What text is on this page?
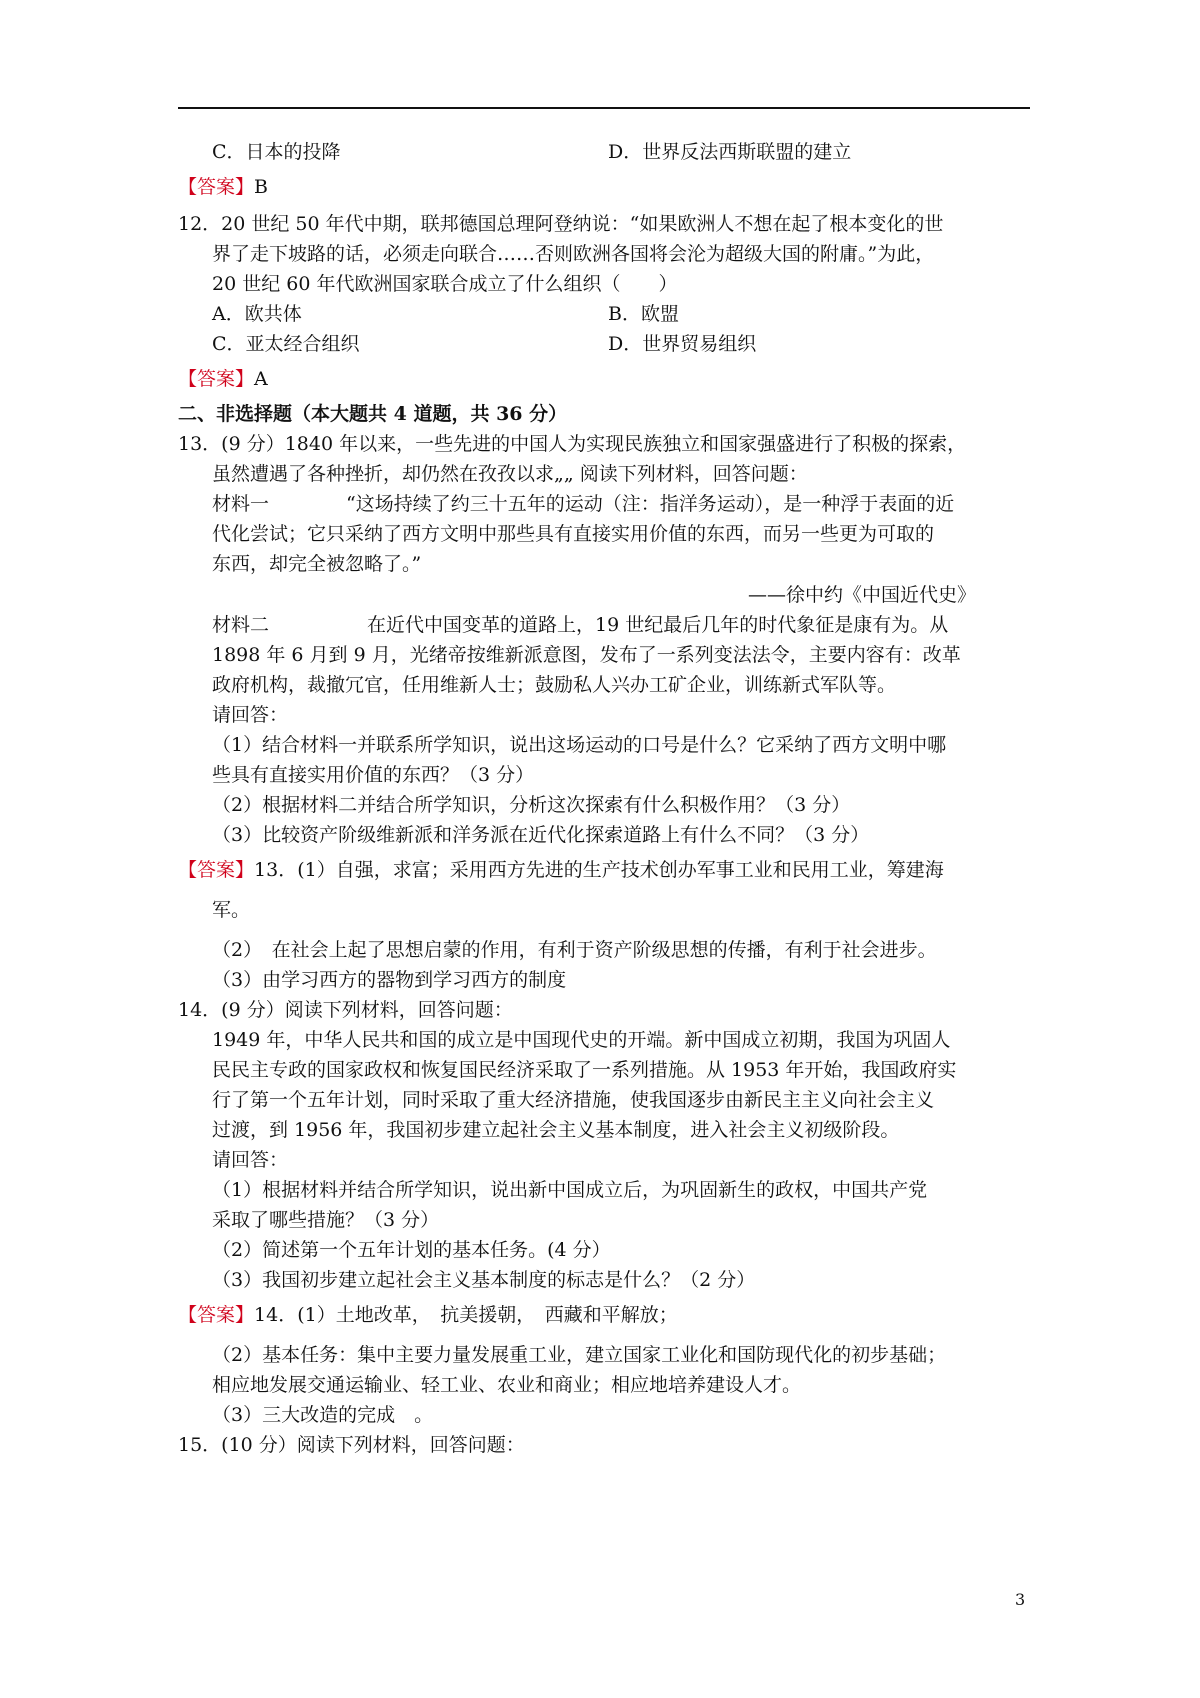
C．日本的投降	D．世界反法西斯联盟的建立
【答案】B
12．20 世纪 50 年代中期，联邦德国总理阿登纳说：“如果欧洲人不想在起了根本变化的世
界了走下坡路的话，必须走向联合……否则欧洲各国将会沦为超级大国的附庸。”为此，
20 世纪 60 年代欧洲国家联合成立了什么组织（　　）
A．欧共体	B．欧盟
C．亚太经合组织	D．世界贸易组织
【答案】A
二、非选择题（本大题共 4 道题，共 36 分）
13．(9 分）1840 年以来，一些先进的中国人为实现民族独立和国家强盛进行了积极的探索，
虽然遭遇了各种挫折，却仍然在孜孜以求„„ 阅读下列材料，回答问题：
材料一	“这场持续了约三十五年的运动（注：指洋务运动），是一种浮于表面的近
代化尝试；它只采纳了西方文明中那些具有直接实用价值的东西，而另一些更为可取的
东西，却完全被忽略了。”
——徐中约《中国近代史》
材料二	在近代中国变革的道路上，19 世纪最后几年的时代象征是康有为。从
1898 年 6 月到 9 月，光绪帝按维新派意图，发布了一系列变法法令，主要内容有：改革
政府机构，裁撤冗官，任用维新人士；鼓励私人兴办工矿企业，训练新式军队等。
请回答：
（1）结合材料一并联系所学知识，说出这场运动的口号是什么？它采纳了西方文明中哪
些具有直接实用价值的东西？（3 分）
（2）根据材料二并结合所学知识，分析这次探索有什么积极作用？（3 分）
（3）比较资产阶级维新派和洋务派在近代化探索道路上有什么不同？（3 分）
【答案】13．(1）自强，求富；采用西方先进的生产技术创办军事工业和民用工业，筹建海
军。
（2）　在社会上起了思想启蒙的作用，有利于资产阶级思想的传播，有利于社会进步。
（3）由学习西方的器物到学习西方的制度
14．(9 分）阅读下列材料，回答问题：
1949 年，中华人民共和国的成立是中国现代史的开端。新中国成立初期，我国为巩固人
民民主专政的国家政权和恢复国民经济采取了一系列措施。从 1953 年开始，我国政府实
行了第一个五年计划，同时采取了重大经济措施，使我国逐步由新民主主义向社会主义
过渡，到 1956 年，我国初步建立起社会主义基本制度，进入社会主义初级阶段。
请回答：
（1）根据材料并结合所学知识，说出新中国成立后，为巩固新生的政权，中国共产党
采取了哪些措施？（3 分）
（2）简述第一个五年计划的基本任务。(4 分）
（3）我国初步建立起社会主义基本制度的标志是什么？（2 分）
【答案】14．(1）土地改革，　抗美援朝，　西藏和平解放；
（2）基本任务：集中主要力量发展重工业，建立国家工业化和国防现代化的初步基础；
相应地发展交通运输业、轻工业、农业和商业；相应地培养建设人才。
（3）三大改造的完成　。
15．(10 分）阅读下列材料，回答问题：
3
